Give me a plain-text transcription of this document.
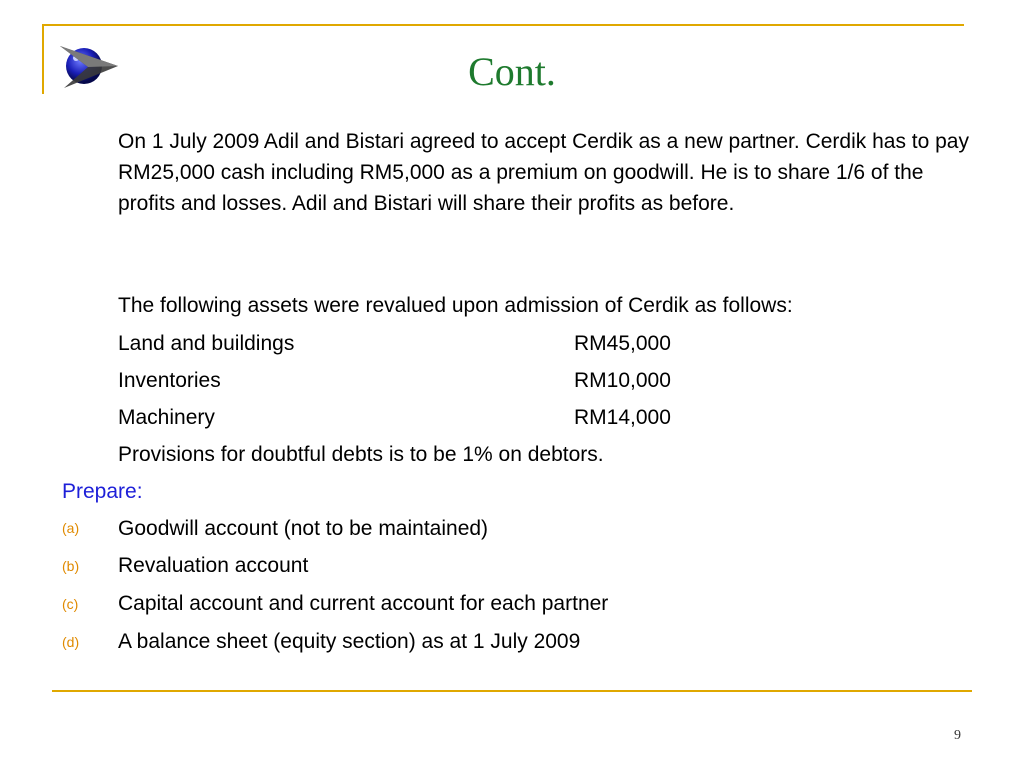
Cont.
On 1 July 2009 Adil and Bistari agreed to accept Cerdik as a new partner. Cerdik has to pay RM25,000 cash including RM5,000 as a premium on goodwill. He is to share 1/6 of the profits and losses. Adil and Bistari will share their profits as before.
The following assets were revalued upon admission of Cerdik as follows:
Land and buildings	RM45,000
Inventories	RM10,000
Machinery	RM14,000
Provisions for doubtful debts is to be 1% on debtors.
Prepare:
(a) Goodwill account (not to be maintained)
(b) Revaluation account
(c) Capital account and current account for each partner
(d) A balance sheet (equity section) as at 1 July 2009
9
